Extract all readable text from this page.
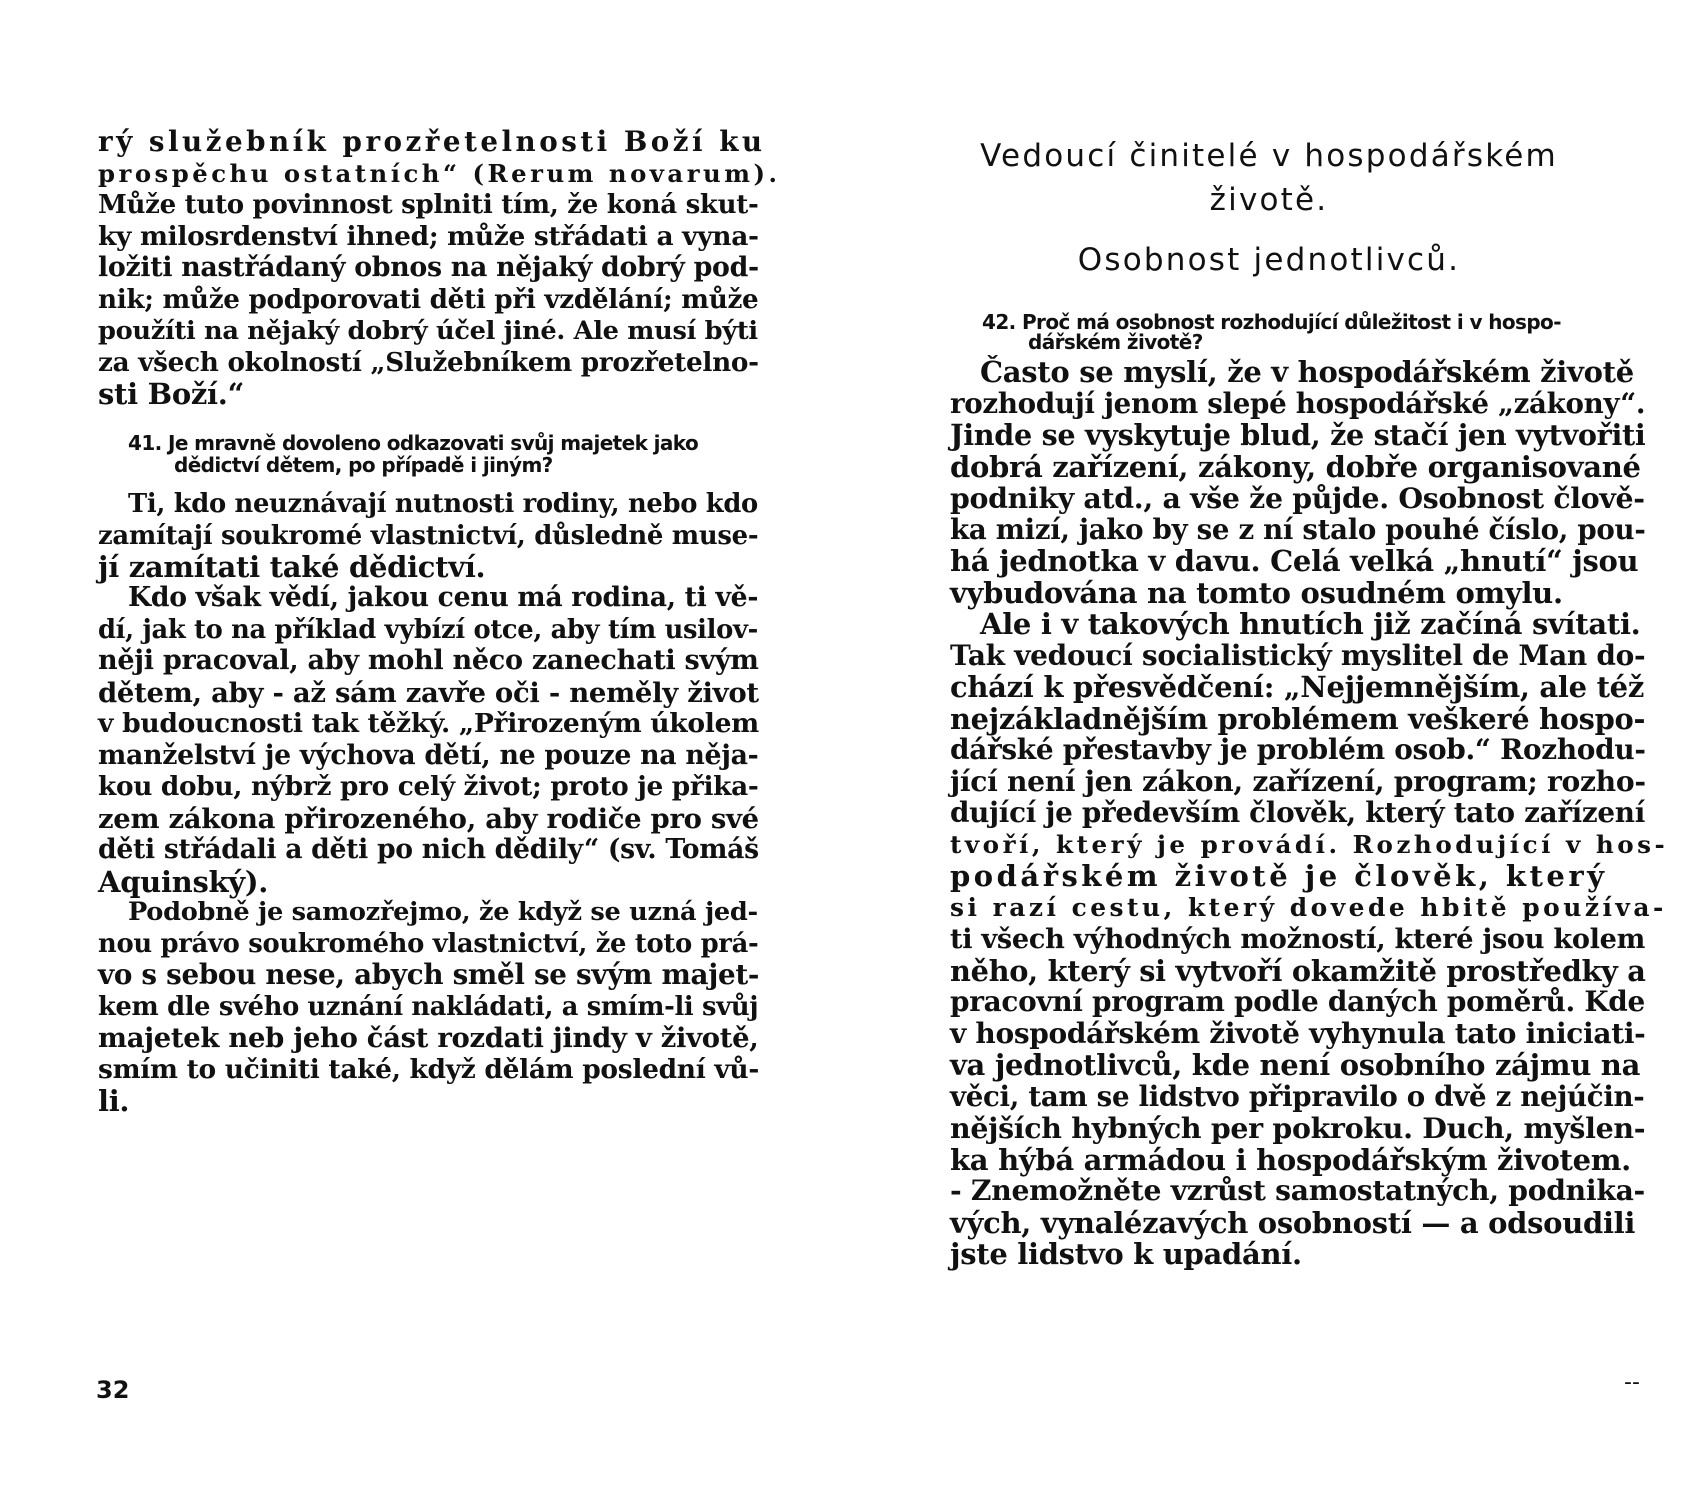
rý služebník prozřetelnosti Boží ku
prospěchu ostatních“ (Rerum novarum).
Může tuto povinnost splniti tím, že koná skut-
ky milosrdenství ihned; může střádati a vyna-
ložiti nastřádaný obnos na nějaký dobrý pod-
nik; může podporovati děti při vzdělání; může
použíti na nějaký dobrý účel jiné. Ale musí býti
za všech okolností „Služebníkem prozřetelno-
sti Boží.“
41. Je mravně dovoleno odkazovati svůj majetek jako
dědictví dětem, po případě i jiným?
Ti, kdo neuznávají nutnosti rodiny, nebo kdo
zamítají soukromé vlastnictví, důsledně muse-
jí zamítati také dědictví.
Kdo však vědí, jakou cenu má rodina, ti vě-
dí, jak to na příklad vybízí otce, aby tím usilov-
něji pracoval, aby mohl něco zanechati svým
dětem, aby - až sám zavře oči - neměly život
v budoucnosti tak těžký. „Přirozeným úkolem
manželství je výchova dětí, ne pouze na něja-
kou dobu, nýbrž pro celý život; proto je přika-
zem zákona přirozeného, aby rodiče pro své
děti střádali a děti po nich dědily“ (sv. Tomáš
Aquinský).
Podobně je samozřejmo, že když se uzná jed-
nou právo soukromého vlastnictví, že toto prá-
vo s sebou nese, abych směl se svým majet-
kem dle svého uznání nakládati, a smím-li svůj
majetek neb jeho část rozdati jindy v životě,
smím to učiniti také, když dělám poslední vů-
li.
32
Vedoucí činitelé v hospodářském
životě.
Osobnost jednotlivců.
42. Proč má osobnost rozhodující důležitost i v hospo-
dářském životě?
Často se myslí, že v hospodářském životě
rozhodují jenom slepé hospodářské „zákony“.
Jinde se vyskytuje blud, že stačí jen vytvořiti
dobrá zařízení, zákony, dobře organisované
podniky atd., a vše že půjde. Osobnost člově-
ka mizí, jako by se z ní stalo pouhé číslo, pou-
há jednotka v davu. Celá velká „hnutí“ jsou
vybudována na tomto osudném omylu.
Ale i v takových hnutích již začíná svítati.
Tak vedoucí socialistický myslitel de Man do-
chází k přesvědčení: „Nejjemnějším, ale též
nejzákladnějším problémem veškeré hospo-
dářské přestavby je problém osob.“ Rozhodu-
jící není jen zákon, zařízení, program; rozho-
dující je především člověk, který tato zařízení
tvoří, který je provádí. Rozhodující v hos-
podářském životě je člověk, který
si razí cestu, který dovede hbitě používa-
ti všech výhodných možností, které jsou kolem
něho, který si vytvoří okamžitě prostředky a
pracovní program podle daných poměrů. Kde
v hospodářském životě vyhynula tato iniciati-
va jednotlivců, kde není osobního zájmu na
věci, tam se lidstvo připravilo o dvě z nejúčin-
nějších hybných per pokroku. Duch, myšlen-
ka hýbá armádou i hospodářským životem.
- Znemožněte vzrůst samostatných, podnika-
vých, vynalézavých osobností — a odsoudili
jste lidstvo k upadání.
--
